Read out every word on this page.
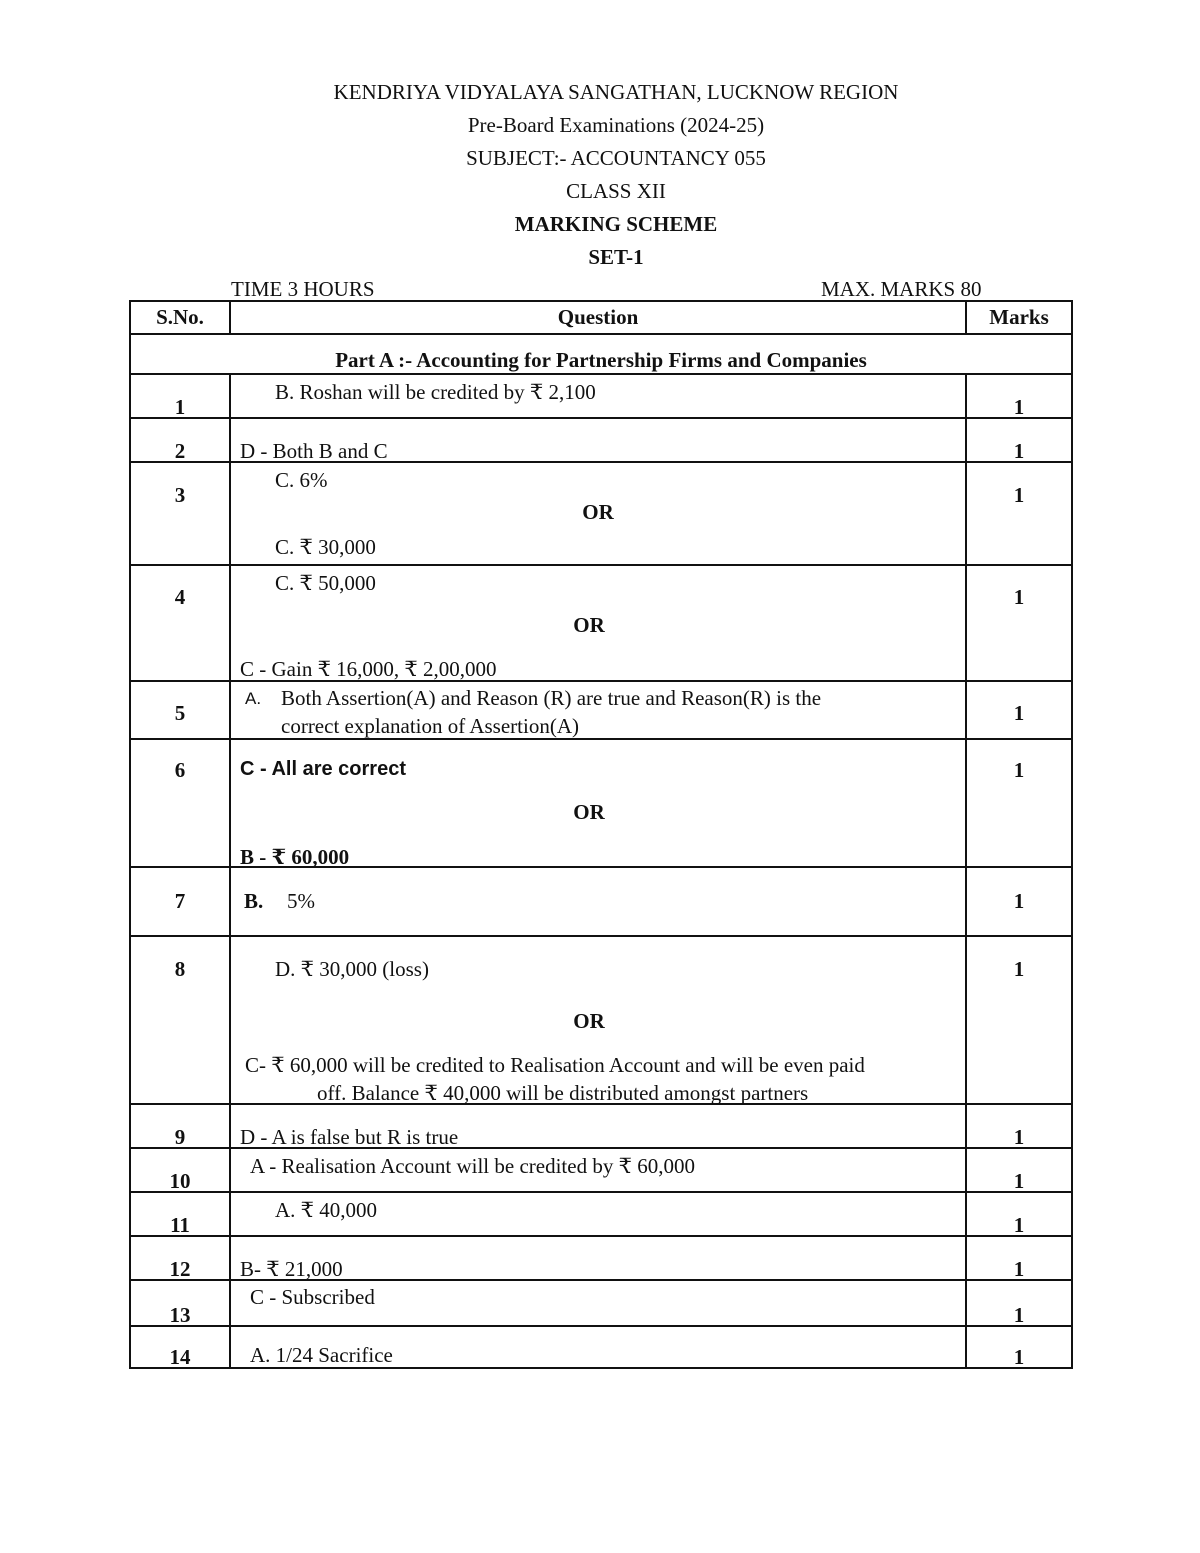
KENDRIYA VIDYALAYA SANGATHAN, LUCKNOW REGION
Pre-Board Examinations (2024-25)
SUBJECT:- ACCOUNTANCY 055
CLASS XII
MARKING SCHEME
SET-1
TIME 3 HOURS	MAX. MARKS 80
S.No.	Question	Marks
Part A :- Accounting for Partnership Firms and Companies		

1	B. Roshan will be credited by ₹ 2,100	1

2	D - Both B and C	1

3	C. 6%
OR
C. ₹ 30,000	1

4	C. ₹ 50,000
OR
C - Gain ₹ 16,000, ₹ 2,00,000	1

5	A. Both Assertion(A) and Reason (R) are true and Reason(R) is the
correct explanation of Assertion(A)	1

6	C - All are correct
OR
B - ₹ 60,000	1

7	B. 5%	1

8	D. ₹ 30,000 (loss)
OR
C- ₹ 60,000 will be credited to Realisation Account and will be even paid
off. Balance ₹ 40,000 will be distributed amongst partners	1

9	D - A is false but R is true	1

10	A - Realisation Account will be credited by ₹ 60,000	1

11	A. ₹ 40,000	1

12	B- ₹ 21,000	1

13	C - Subscribed	1

14	A. 1/24 Sacrifice	1
